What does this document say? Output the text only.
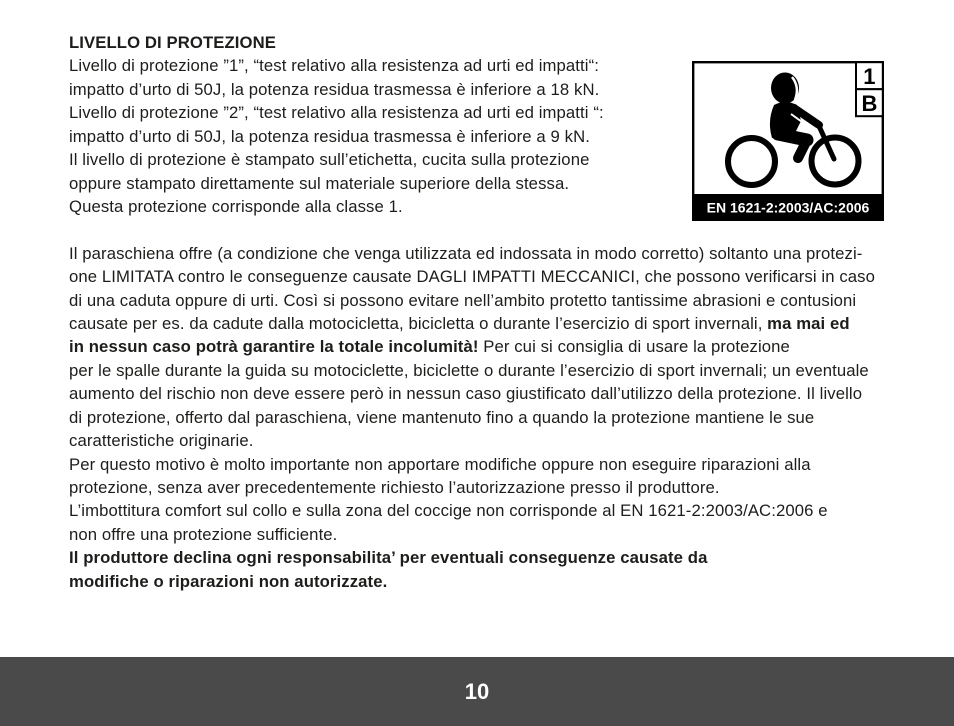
LIVELLO DI PROTEZIONE
Livello di protezione ”1”, “test relativo alla resistenza ad urti ed impatti“:
impatto d’urto di 50J, la potenza residua trasmessa è inferiore a 18 kN.
Livello di protezione ”2”, “test relativo alla resistenza ad urti ed impatti “:
impatto d’urto di 50J, la potenza residua trasmessa è inferiore a 9 kN.
Il livello di protezione è stampato sull’etichetta, cucita sulla protezione
oppure stampato direttamente sul materiale superiore della stessa.
Questa protezione corrisponde alla classe 1.
Il paraschiena offre (a condizione che venga utilizzata ed indossata in modo corretto) soltanto una protezi-
one LIMITATA contro le conseguenze causate DAGLI IMPATTI MECCANICI, che possono verificarsi in caso
di una caduta oppure di urti. Così si possono evitare nell’ambito protetto tantissime abrasioni e contusioni
causate per es. da cadute dalla motocicletta, bicicletta o durante l’esercizio di sport invernali, ma mai ed
in nessun caso potrà garantire la totale incolumità! Per cui si consiglia di usare la protezione
per le spalle durante la guida su motociclette, biciclette o durante l’esercizio di sport invernali; un eventuale
aumento del rischio non deve essere però in nessun caso giustificato dall’utilizzo della protezione. Il livello
di protezione, offerto dal paraschiena, viene mantenuto fino a quando la protezione mantiene le sue
caratteristiche originarie.
Per questo motivo è molto importante non apportare modifiche oppure non eseguire riparazioni alla
protezione, senza aver precedentemente richiesto l’autorizzazione presso il produttore.
L’imbottitura comfort sul collo e sulla zona del coccige non corrisponde al EN 1621-2:2003/AC:2006 e
non offre una protezione sufficiente.
Il produttore declina ogni responsabilita’ per eventuali conseguenze causate da
modifiche o riparazioni non autorizzate.
1
B
EN 1621-2:2003/AC:2006
10
